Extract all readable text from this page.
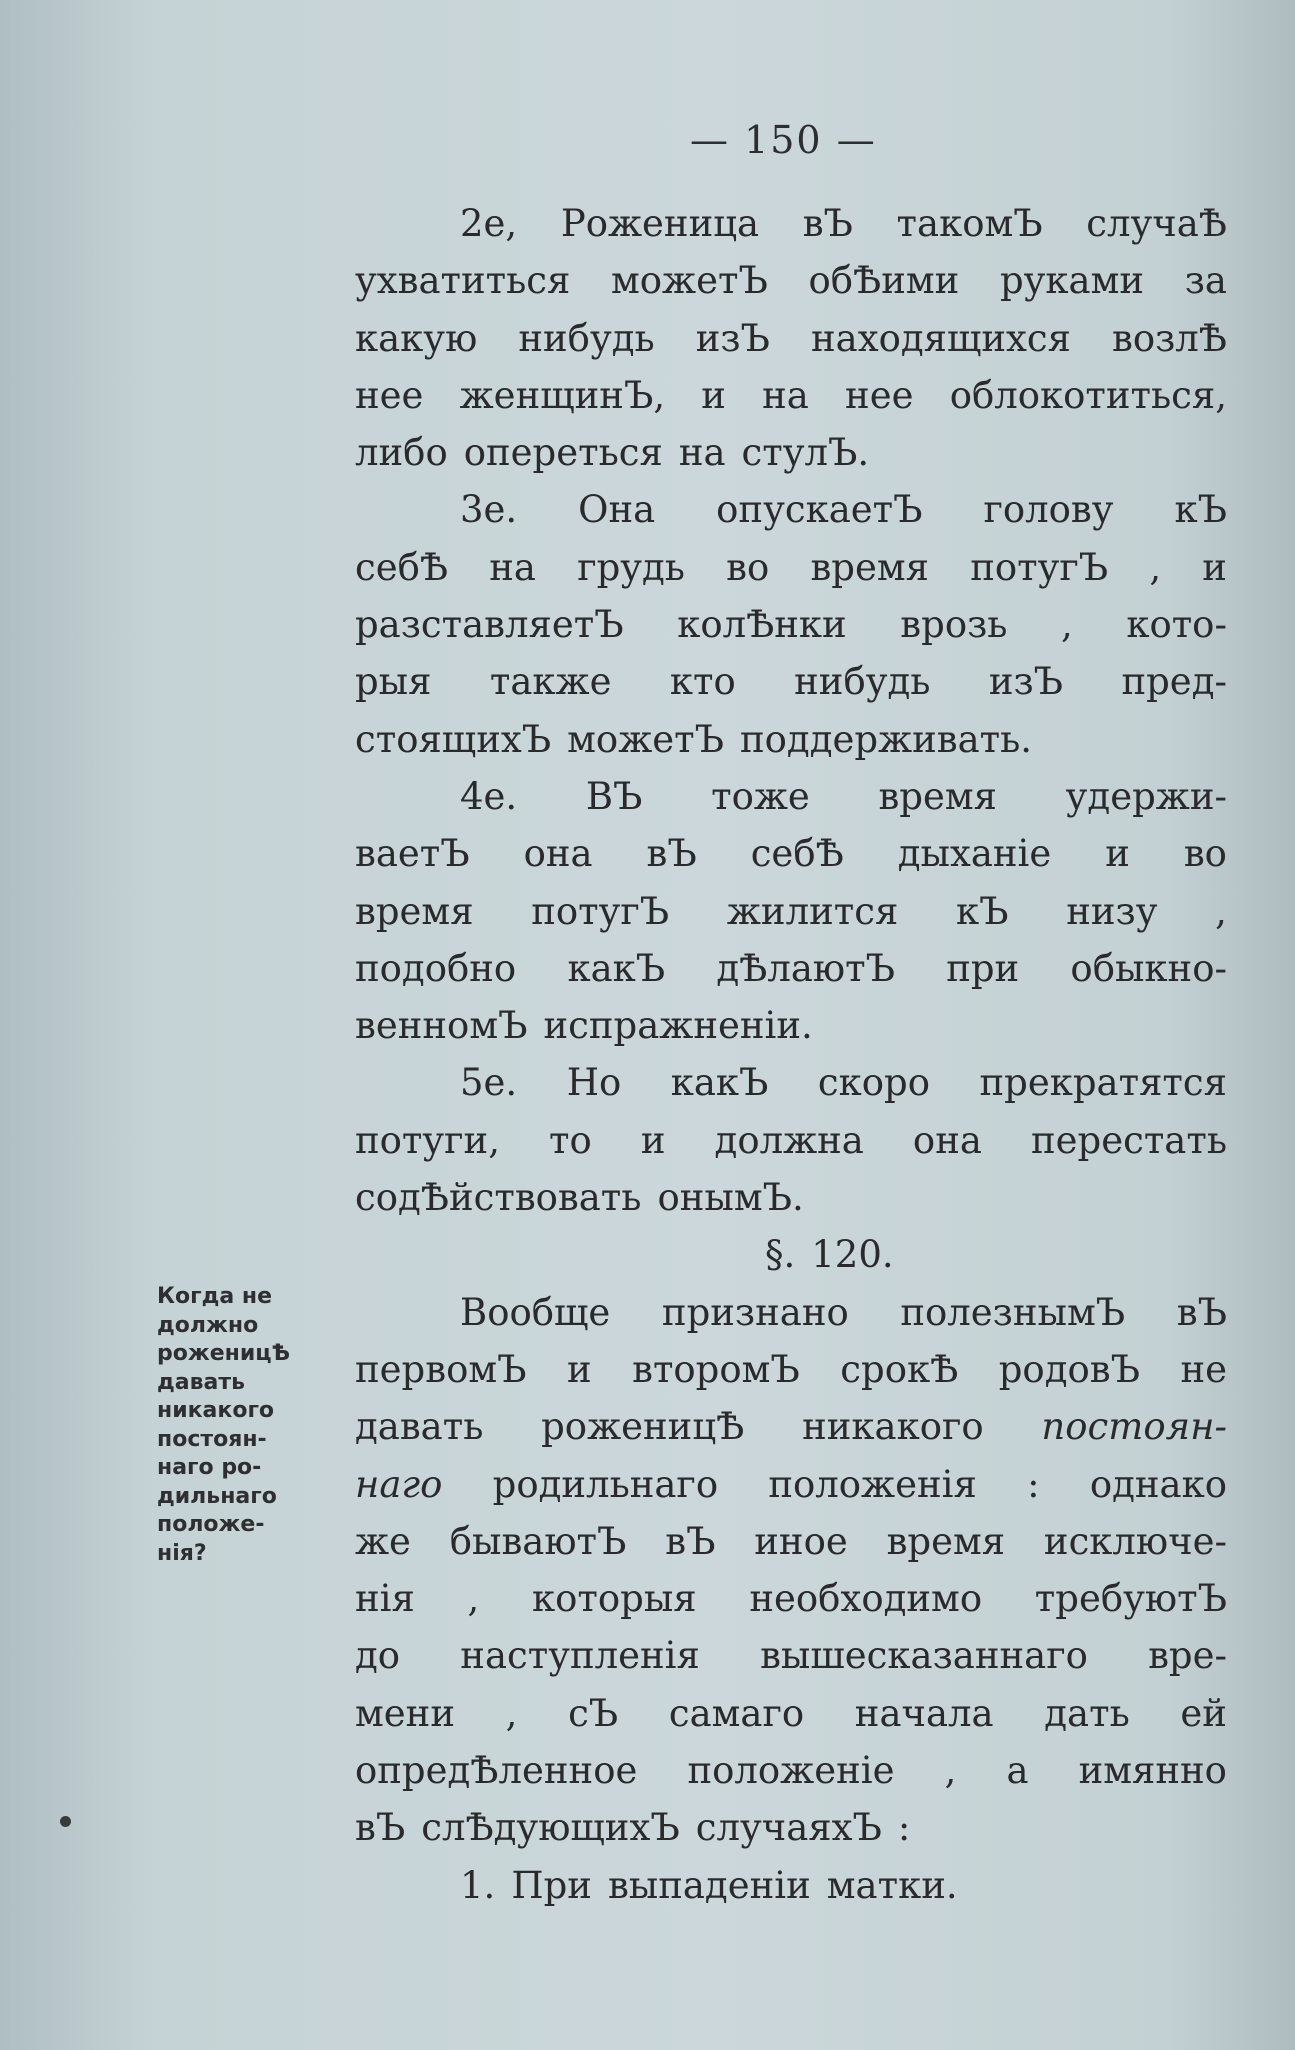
— 150 —
2е, Роженица вЪ такомЪ случаѢ
ухватиться можетЪ обѢими руками за
какую нибудь изЪ находящихся возлѢ
нее женщинЪ, и на нее облокотиться,
либо опереться на стулЪ.
3е. Она опускаетЪ голову кЪ
себѢ на грудь во время потугЪ , и
разставляетЪ колѢнки врозь , кото-
рыя также кто нибудь изЪ пред-
стоящихЪ можетЪ поддерживать.
4е. ВЪ тоже время удержи-
ваетЪ она вЪ себѢ дыханіе и во
время потугЪ жилится кЪ низу ,
подобно какЪ дѢлаютЪ при обыкно-
венномЪ испражненіи.
5е. Но какЪ скоро прекратятся
потуги, то и должна она перестать
содѢйствовать онымЪ.
§. 120.
Вообще признано полезнымЪ вЪ
первомЪ и второмЪ срокѢ родовЪ не
давать роженицѢ никакого постоян-
наго родильнаго положенія : однако
же бываютЪ вЪ иное время исключе-
нія , которыя необходимо требуютЪ
до наступленія вышесказаннаго вре-
мени , сЪ самаго начала дать ей
опредѢленное положеніе , а имянно
вЪ слѢдующихЪ случаяхЪ :
1. При выпаденіи матки.
Когда не
должно
роженицѢ
давать
никакого
постоян-
наго ро-
дильнаго
положе-
нія?
